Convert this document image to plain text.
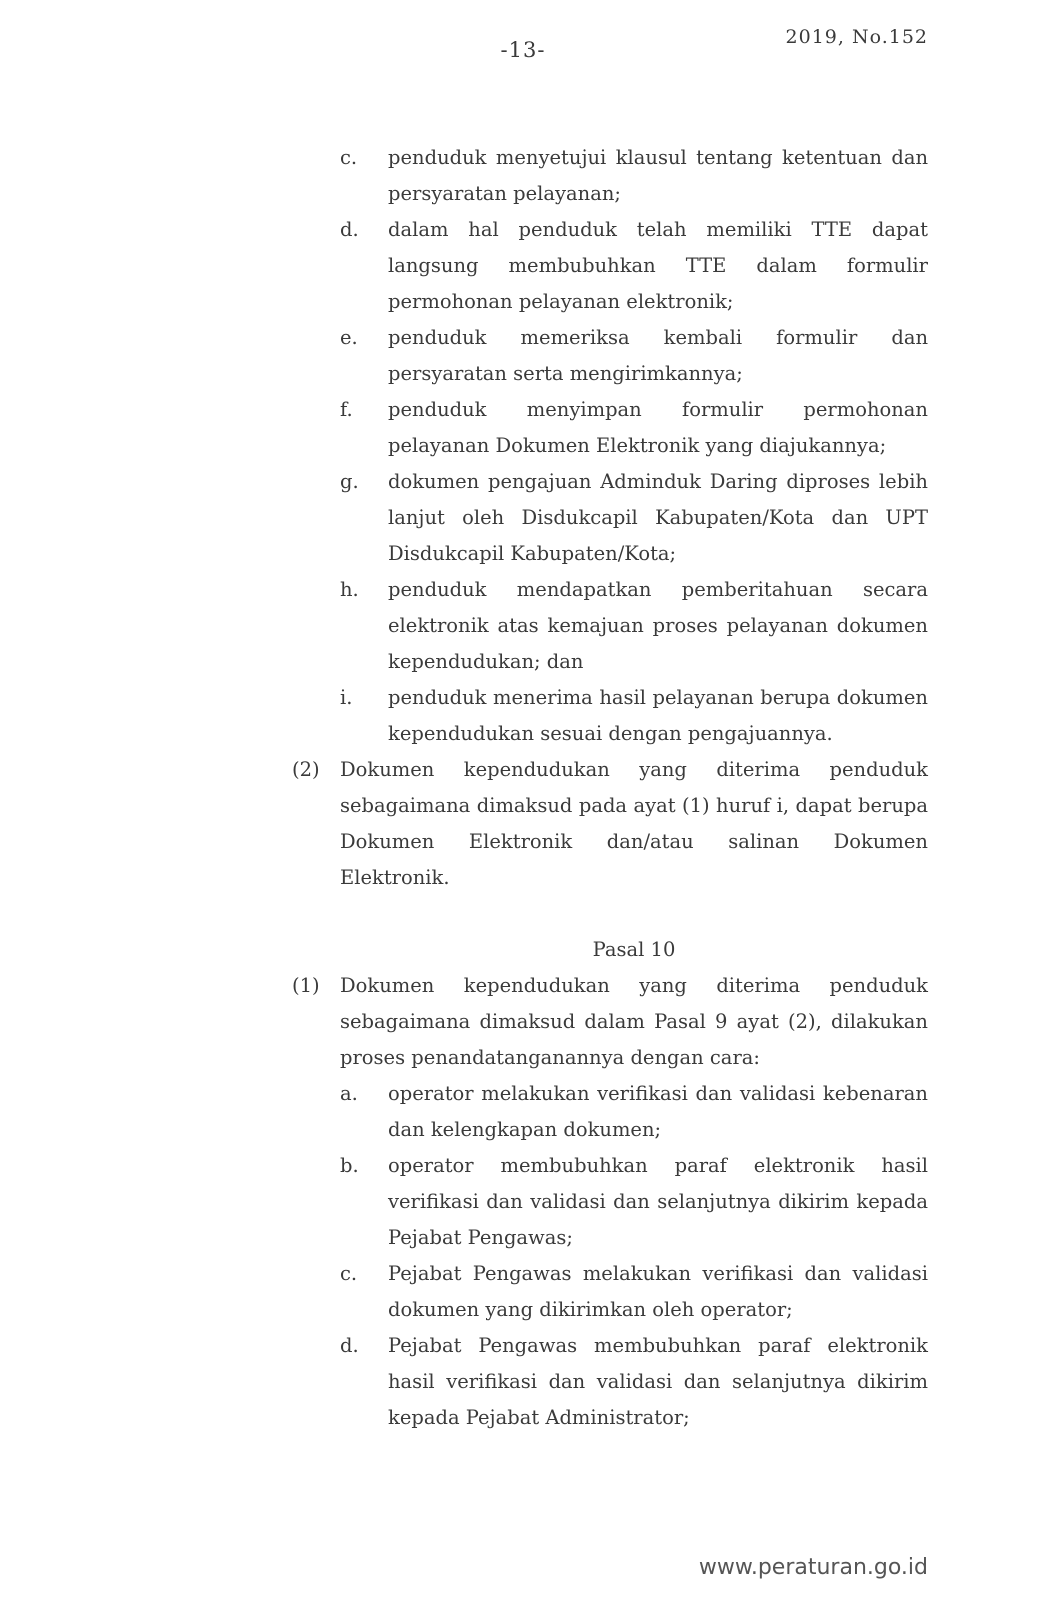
-13-
2019, No.152
c.	penduduk menyetujui klausul tentang ketentuan dan persyaratan pelayanan;
d.	dalam hal penduduk telah memiliki TTE dapat langsung membubuhkan TTE dalam formulir permohonan pelayanan elektronik;
e.	penduduk memeriksa kembali formulir dan persyaratan serta mengirimkannya;
f.	penduduk menyimpan formulir permohonan pelayanan Dokumen Elektronik yang diajukannya;
g.	dokumen pengajuan Adminduk Daring diproses lebih lanjut oleh Disdukcapil Kabupaten/Kota dan UPT Disdukcapil Kabupaten/Kota;
h.	penduduk mendapatkan pemberitahuan secara elektronik atas kemajuan proses pelayanan dokumen kependudukan; dan
i.	penduduk menerima hasil pelayanan berupa dokumen kependudukan sesuai dengan pengajuannya.
(2)	Dokumen kependudukan yang diterima penduduk sebagaimana dimaksud pada ayat (1) huruf i, dapat berupa Dokumen Elektronik dan/atau salinan Dokumen Elektronik.
Pasal 10
(1)	Dokumen kependudukan yang diterima penduduk sebagaimana dimaksud dalam Pasal 9 ayat (2), dilakukan proses penandatanganannya dengan cara:
a.	operator melakukan verifikasi dan validasi kebenaran dan kelengkapan dokumen;
b.	operator membubuhkan paraf elektronik hasil verifikasi dan validasi dan selanjutnya dikirim kepada Pejabat Pengawas;
c.	Pejabat Pengawas melakukan verifikasi dan validasi dokumen yang dikirimkan oleh operator;
d.	Pejabat Pengawas membubuhkan paraf elektronik hasil verifikasi dan validasi dan selanjutnya dikirim kepada Pejabat Administrator;
www.peraturan.go.id
